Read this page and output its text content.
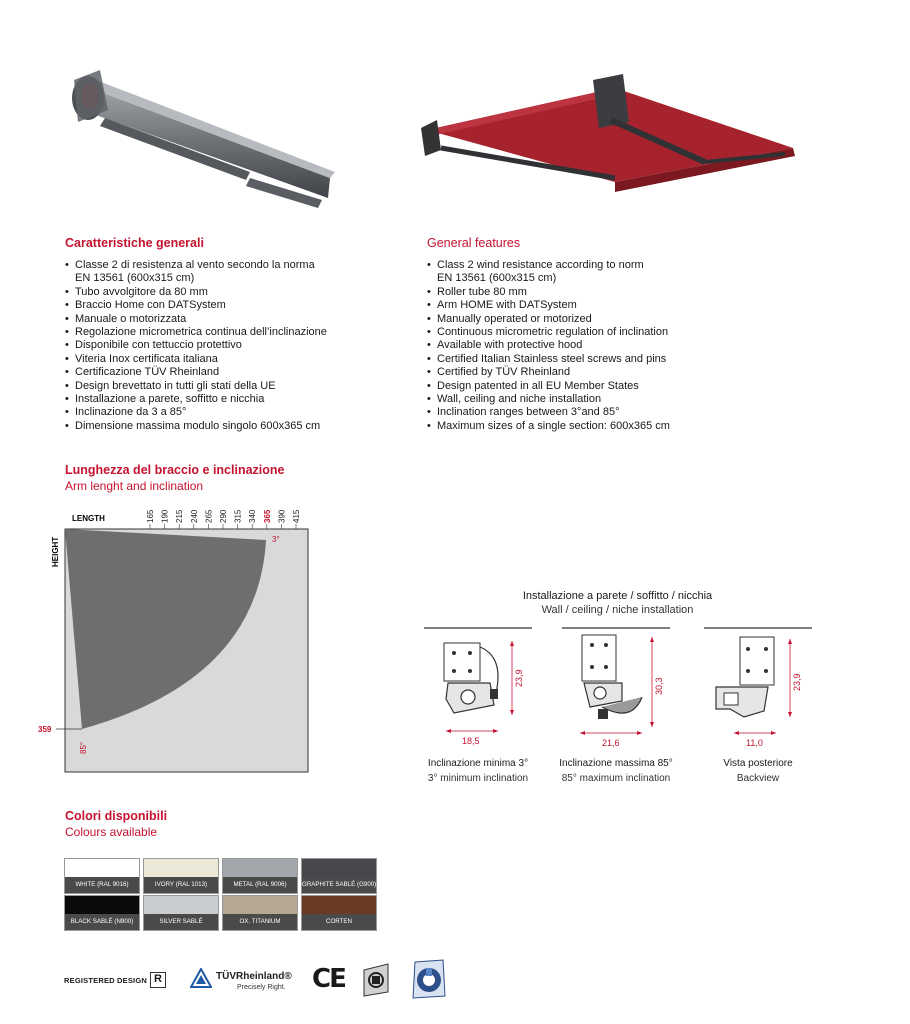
Caratteristiche generali
• Classe 2 di resistenza al vento secondo la norma
EN 13561 (600x315 cm)
• Tubo avvolgitore da 80 mm
• Braccio Home con DATSystem
• Manuale o motorizzata
• Regolazione micrometrica continua dell’inclinazione
• Disponibile con tettuccio protettivo
• Viteria Inox certificata italiana
• Certificazione TÜV Rheinland
• Design brevettato in tutti gli stati della UE
• Installazione a parete, soffitto e nicchia
• Inclinazione da 3 a 85°
• Dimensione massima modulo singolo 600x365 cm
General features
• Class 2 wind resistance according to norm
EN 13561 (600x315 cm)
• Roller tube 80 mm
• Arm HOME with DATSystem
• Manually operated or motorized
• Continuous micrometric regulation of inclination
• Available with protective hood
• Certified Italian Stainless steel screws and pins
• Certified by TÜV Rheinland
• Design patented in all EU Member States
• Wall, ceiling and niche installation
• Inclination ranges between 3°and 85°
• Maximum sizes of a single section: 600x365 cm
Lunghezza del braccio e inclinazione
Arm lenght and inclination
LENGTH
HEIGHT
165 190 215 240 265 290 315 340 365 390 415
3°
85°
359
Installazione a parete / soffitto / nicchia
Wall / ceiling / niche installation
23,9
18,5
30,3
21,6
23,9
11,0
Inclinazione minima 3°
3° minimum inclination
Inclinazione massima 85°
85° maximum inclination
Vista posteriore
Backview
Colori disponibili
Colours available
WHITE (RAL 9016)	IVORY (RAL 1013)	METAL (RAL 9006)	GRAPHITE SABLÉ (G900)
BLACK SABLÉ (N900)	SILVER SABLÉ	OX. TITANIUM	CORTEN
REGISTERED DESIGN R	TÜVRheinland®
Precisely Right. CE
